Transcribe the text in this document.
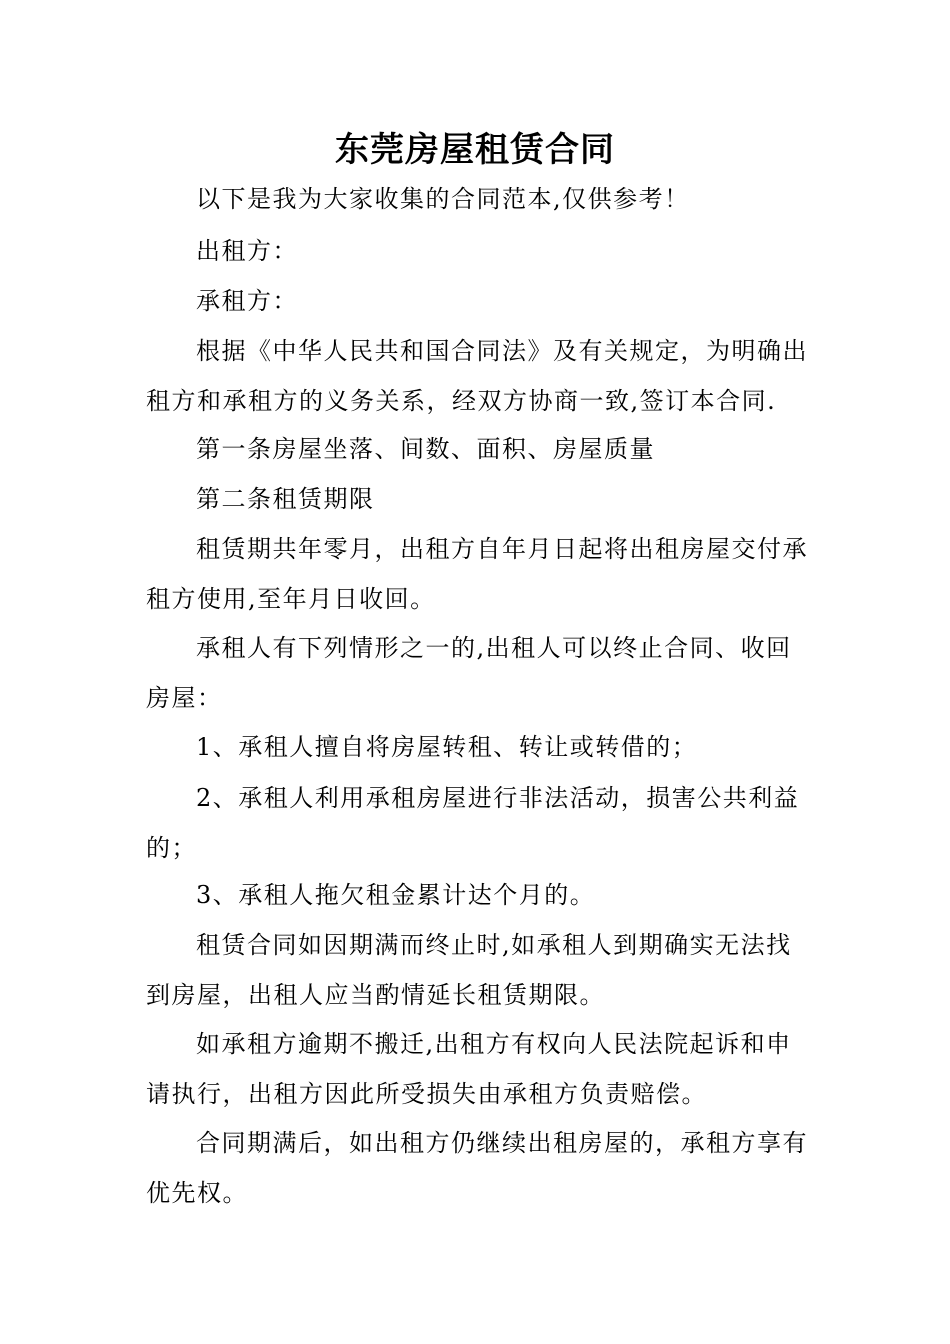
东莞房屋租赁合同

以下是我为大家收集的合同范本,仅供参考！

出租方：

承租方：

根据《中华人民共和国合同法》及有关规定，为明确出租方和承租方的义务关系，经双方协商一致,签订本合同.

第一条房屋坐落、间数、面积、房屋质量

第二条租赁期限

租赁期共年零月，出租方自年月日起将出租房屋交付承租方使用,至年月日收回。

承租人有下列情形之一的,出租人可以终止合同、收回房屋：

1、承租人擅自将房屋转租、转让或转借的；

2、承租人利用承租房屋进行非法活动，损害公共利益的；

3、承租人拖欠租金累计达个月的。

租赁合同如因期满而终止时,如承租人到期确实无法找到房屋，出租人应当酌情延长租赁期限。

如承租方逾期不搬迁,出租方有权向人民法院起诉和申请执行，出租方因此所受损失由承租方负责赔偿。

合同期满后，如出租方仍继续出租房屋的，承租方享有优先权。
